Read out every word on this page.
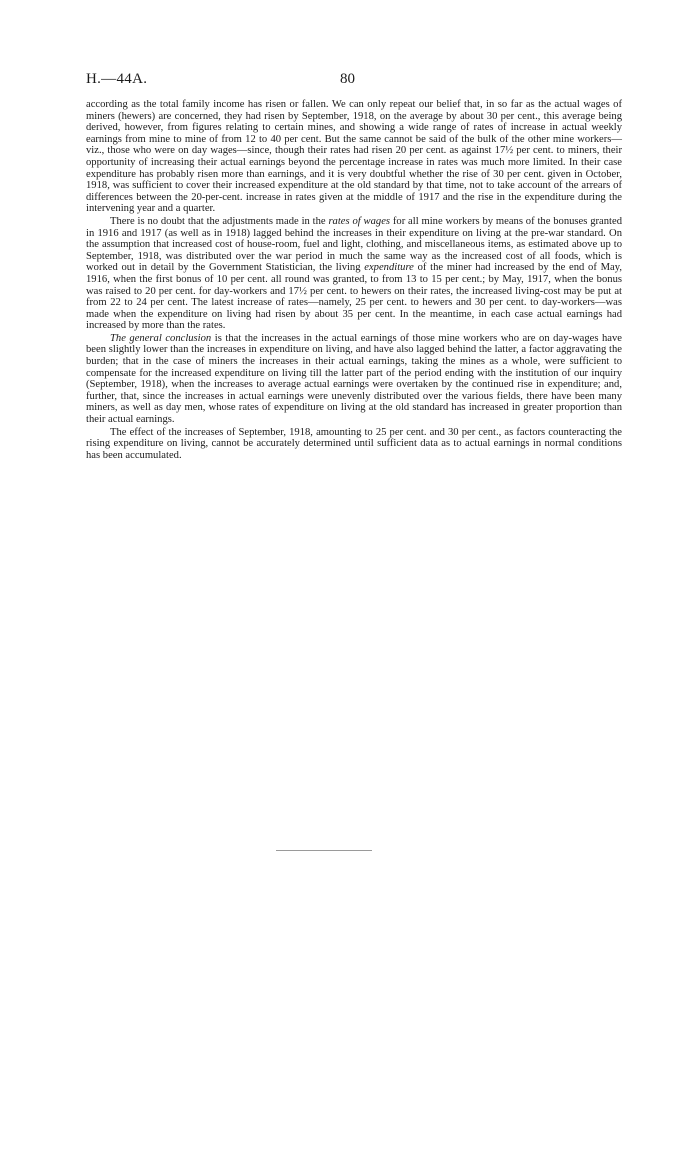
H.—44A.	80

according as the total family income has risen or fallen. We can only repeat our belief that, in so far as the actual wages of miners (hewers) are concerned, they had risen by September, 1918, on the average by about 30 per cent., this average being derived, however, from figures relating to certain mines, and showing a wide range of rates of increase in actual weekly earnings from mine to mine of from 12 to 40 per cent. But the same cannot be said of the bulk of the other mine workers—viz., those who were on day wages—since, though their rates had risen 20 per cent. as against 17½ per cent. to miners, their opportunity of increasing their actual earnings beyond the percentage increase in rates was much more limited. In their case expenditure has probably risen more than earnings, and it is very doubtful whether the rise of 30 per cent. given in October, 1918, was sufficient to cover their increased expenditure at the old standard by that time, not to take account of the arrears of differences between the 20-per-cent. increase in rates given at the middle of 1917 and the rise in the expenditure during the intervening year and a quarter.

There is no doubt that the adjustments made in the rates of wages for all mine workers by means of the bonuses granted in 1916 and 1917 (as well as in 1918) lagged behind the increases in their expenditure on living at the pre-war standard. On the assumption that increased cost of house-room, fuel and light, clothing, and miscellaneous items, as estimated above up to September, 1918, was distributed over the war period in much the same way as the increased cost of all foods, which is worked out in detail by the Government Statistician, the living expenditure of the miner had increased by the end of May, 1916, when the first bonus of 10 per cent. all round was granted, to from 13 to 15 per cent.; by May, 1917, when the bonus was raised to 20 per cent. for day-workers and 17½ per cent. to hewers on their rates, the increased living-cost may be put at from 22 to 24 per cent. The latest increase of rates—namely, 25 per cent. to hewers and 30 per cent. to day-workers—was made when the expenditure on living had risen by about 35 per cent. In the meantime, in each case actual earnings had increased by more than the rates.

The general conclusion is that the increases in the actual earnings of those mine workers who are on day-wages have been slightly lower than the increases in expenditure on living, and have also lagged behind the latter, a factor aggravating the burden; that in the case of miners the increases in their actual earnings, taking the mines as a whole, were sufficient to compensate for the increased expenditure on living till the latter part of the period ending with the institution of our inquiry (September, 1918), when the increases to average actual earnings were overtaken by the continued rise in expenditure; and, further, that, since the increases in actual earnings were unevenly distributed over the various fields, there have been many miners, as well as day men, whose rates of expenditure on living at the old standard has increased in greater proportion than their actual earnings.

The effect of the increases of September, 1918, amounting to 25 per cent. and 30 per cent., as factors counteracting the rising expenditure on living, cannot be accurately determined until sufficient data as to actual earnings in normal conditions has been accumulated.
